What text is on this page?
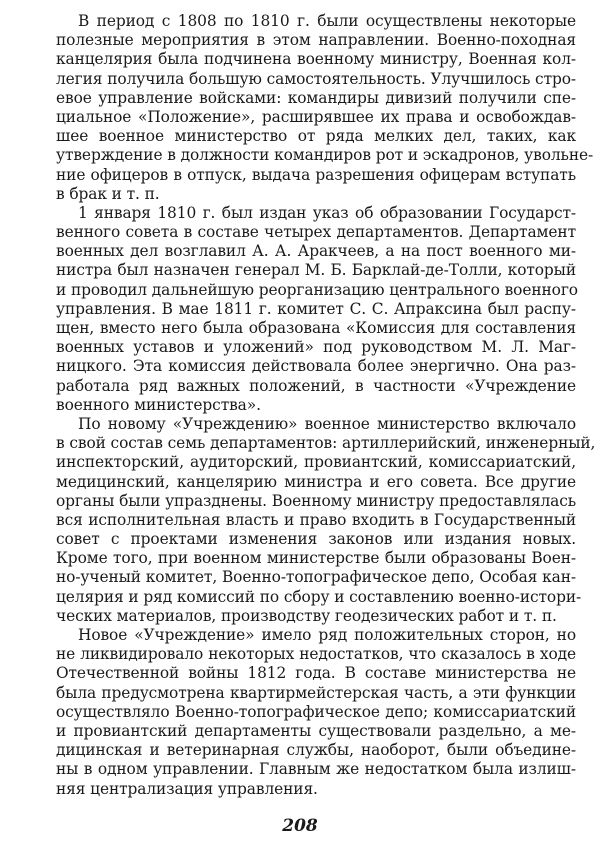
В период с 1808 по 1810 г. были осуществлены некоторые
полезные мероприятия в этом направлении. Военно-походная
канцелярия была подчинена военному министру, Военная кол-
легия получила большую самостоятельность. Улучшилось стро-
евое управление войсками: командиры дивизий получили спе-
циальное «Положение», расширявшее их права и освобождав-
шее военное министерство от ряда мелких дел, таких, как
утверждение в должности командиров рот и эскадронов, увольне-
ние офицеров в отпуск, выдача разрешения офицерам вступать
в брак и т. п.
1 января 1810 г. был издан указ об образовании Государст-
венного совета в составе четырех департаментов. Департамент
военных дел возглавил А. А. Аракчеев, а на пост военного ми-
нистра был назначен генерал М. Б. Барклай-де-Толли, который
и проводил дальнейшую реорганизацию центрального военного
управления. В мае 1811 г. комитет С. С. Апраксина был распу-
щен, вместо него была образована «Комиссия для составления
военных уставов и уложений» под руководством М. Л. Маг-
ницкого. Эта комиссия действовала более энергично. Она раз-
работала ряд важных положений, в частности «Учреждение
военного министерства».
По новому «Учреждению» военное министерство включало
в свой состав семь департаментов: артиллерийский, инженерный,
инспекторский, аудиторский, провиантский, комиссариатский,
медицинский, канцелярию министра и его совета. Все другие
органы были упразднены. Военному министру предоставлялась
вся исполнительная власть и право входить в Государственный
совет с проектами изменения законов или издания новых.
Кроме того, при военном министерстве были образованы Воен-
но-ученый комитет, Военно-топографическое депо, Особая кан-
целярия и ряд комиссий по сбору и составлению военно-истори-
ческих материалов, производству геодезических работ и т. п.
Новое «Учреждение» имело ряд положительных сторон, но
не ликвидировало некоторых недостатков, что сказалось в ходе
Отечественной войны 1812 года. В составе министерства не
была предусмотрена квартирмейстерская часть, а эти функции
осуществляло Военно-топографическое депо; комиссариатский
и провиантский департаменты существовали раздельно, а ме-
дицинская и ветеринарная службы, наоборот, были объедине-
ны в одном управлении. Главным же недостатком была излиш-
няя централизация управления.
208
